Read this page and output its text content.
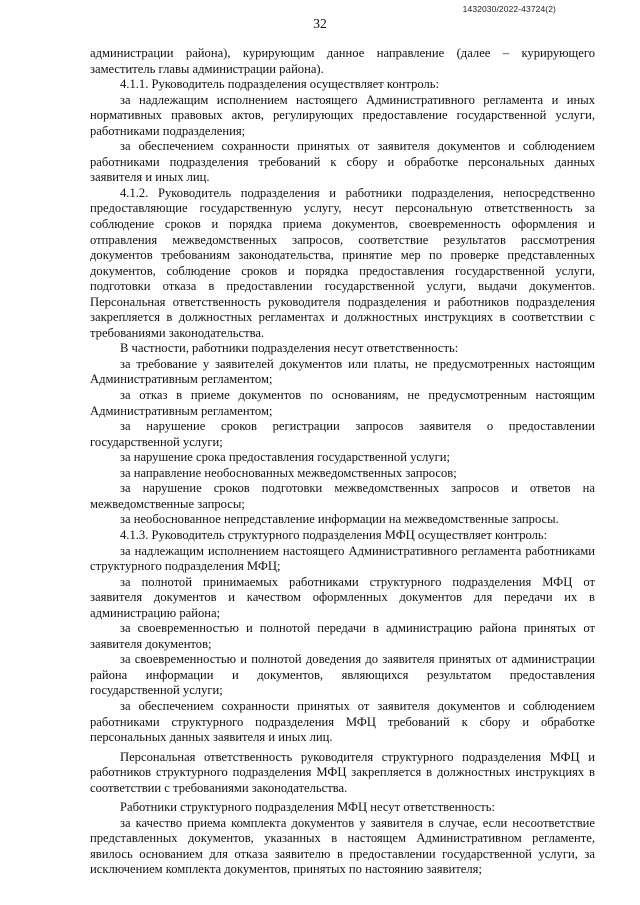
1432030/2022-43724(2)
32

администрации района), курирующим данное направление (далее – курирующего заместитель главы администрации района).

4.1.1. Руководитель подразделения осуществляет контроль:

за надлежащим исполнением настоящего Административного регламента и иных нормативных правовых актов, регулирующих предоставление государственной услуги, работниками подразделения;

за обеспечением сохранности принятых от заявителя документов и соблюдением работниками подразделения требований к сбору и обработке персональных данных заявителя и иных лиц.

4.1.2. Руководитель подразделения и работники подразделения, непосредственно предоставляющие государственную услугу, несут персональную ответственность за соблюдение сроков и порядка приема документов, своевременность оформления и отправления межведомственных запросов, соответствие результатов рассмотрения документов требованиям законодательства, принятие мер по проверке представленных документов, соблюдение сроков и порядка предоставления государственной услуги, подготовки отказа в предоставлении государственной услуги, выдачи документов. Персональная ответственность руководителя подразделения и работников подразделения закрепляется в должностных регламентах и должностных инструкциях в соответствии с требованиями законодательства.

В частности, работники подразделения несут ответственность:

за требование у заявителей документов или платы, не предусмотренных настоящим Административным регламентом;

за отказ в приеме документов по основаниям, не предусмотренным настоящим Административным регламентом;

за нарушение сроков регистрации запросов заявителя о предоставлении государственной услуги;

за нарушение срока предоставления государственной услуги;

за направление необоснованных межведомственных запросов;

за нарушение сроков подготовки межведомственных запросов и ответов на межведомственные запросы;

за необоснованное непредставление информации на межведомственные запросы.

4.1.3. Руководитель структурного подразделения МФЦ осуществляет контроль:

за надлежащим исполнением настоящего Административного регламента работниками структурного подразделения МФЦ;

за полнотой принимаемых работниками структурного подразделения МФЦ от заявителя документов и качеством оформленных документов для передачи их в администрацию района;

за своевременностью и полнотой передачи в администрацию района принятых от заявителя документов;

за своевременностью и полнотой доведения до заявителя принятых от администрации района информации и документов, являющихся результатом предоставления государственной услуги;

за обеспечением сохранности принятых от заявителя документов и соблюдением работниками структурного подразделения МФЦ требований к сбору и обработке персональных данных заявителя и иных лиц.

Персональная ответственность руководителя структурного подразделения МФЦ и работников структурного подразделения МФЦ закрепляется в должностных инструкциях в соответствии с требованиями законодательства.

Работники структурного подразделения МФЦ несут ответственность:

за качество приема комплекта документов у заявителя в случае, если несоответствие представленных документов, указанных в настоящем Административном регламенте, явилось основанием для отказа заявителю в предоставлении государственной услуги, за исключением комплекта документов, принятых по настоянию заявителя;
